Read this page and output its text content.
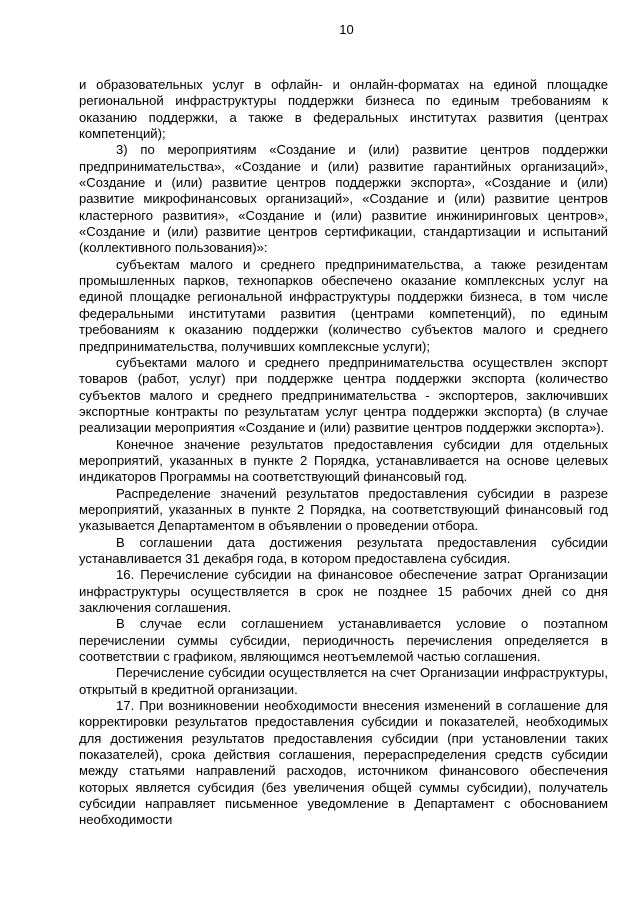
10

и образовательных услуг в офлайн- и онлайн-форматах на единой площадке региональной инфраструктуры поддержки бизнеса по единым требованиям к оказанию поддержки, а также в федеральных институтах развития (центрах компетенций);

3) по мероприятиям «Создание и (или) развитие центров поддержки предпринимательства», «Создание и (или) развитие гарантийных организаций», «Создание и (или) развитие центров поддержки экспорта», «Создание и (или) развитие микрофинансовых организаций», «Создание и (или) развитие центров кластерного развития», «Создание и (или) развитие инжиниринговых центров», «Создание и (или) развитие центров сертификации, стандартизации и испытаний (коллективного пользования)»:

субъектам малого и среднего предпринимательства, а также резидентам промышленных парков, технопарков обеспечено оказание комплексных услуг на единой площадке региональной инфраструктуры поддержки бизнеса, в том числе федеральными институтами развития (центрами компетенций), по единым требованиям к оказанию поддержки (количество субъектов малого и среднего предпринимательства, получивших комплексные услуги);

субъектами малого и среднего предпринимательства осуществлен экспорт товаров (работ, услуг) при поддержке центра поддержки экспорта (количество субъектов малого и среднего предпринимательства - экспортеров, заключивших экспортные контракты по результатам услуг центра поддержки экспорта) (в случае реализации мероприятия «Создание и (или) развитие центров поддержки экспорта»).

Конечное значение результатов предоставления субсидии для отдельных мероприятий, указанных в пункте 2 Порядка, устанавливается на основе целевых индикаторов Программы на соответствующий финансовый год.

Распределение значений результатов предоставления субсидии в разрезе мероприятий, указанных в пункте 2 Порядка, на соответствующий финансовый год указывается Департаментом в объявлении о проведении отбора.

В соглашении дата достижения результата предоставления субсидии устанавливается 31 декабря года, в котором предоставлена субсидия.

16. Перечисление субсидии на финансовое обеспечение затрат Организации инфраструктуры осуществляется в срок не позднее 15 рабочих дней со дня заключения соглашения.

В случае если соглашением устанавливается условие о поэтапном перечислении суммы субсидии, периодичность перечисления определяется в соответствии с графиком, являющимся неотъемлемой частью соглашения.

Перечисление субсидии осуществляется на счет Организации инфраструктуры, открытый в кредитной организации.

17. При возникновении необходимости внесения изменений в соглашение для корректировки результатов предоставления субсидии и показателей, необходимых для достижения результатов предоставления субсидии (при установлении таких показателей), срока действия соглашения, перераспределения средств субсидии между статьями направлений расходов, источником финансового обеспечения которых является субсидия (без увеличения общей суммы субсидии), получатель субсидии направляет письменное уведомление в Департамент с обоснованием необходимости
